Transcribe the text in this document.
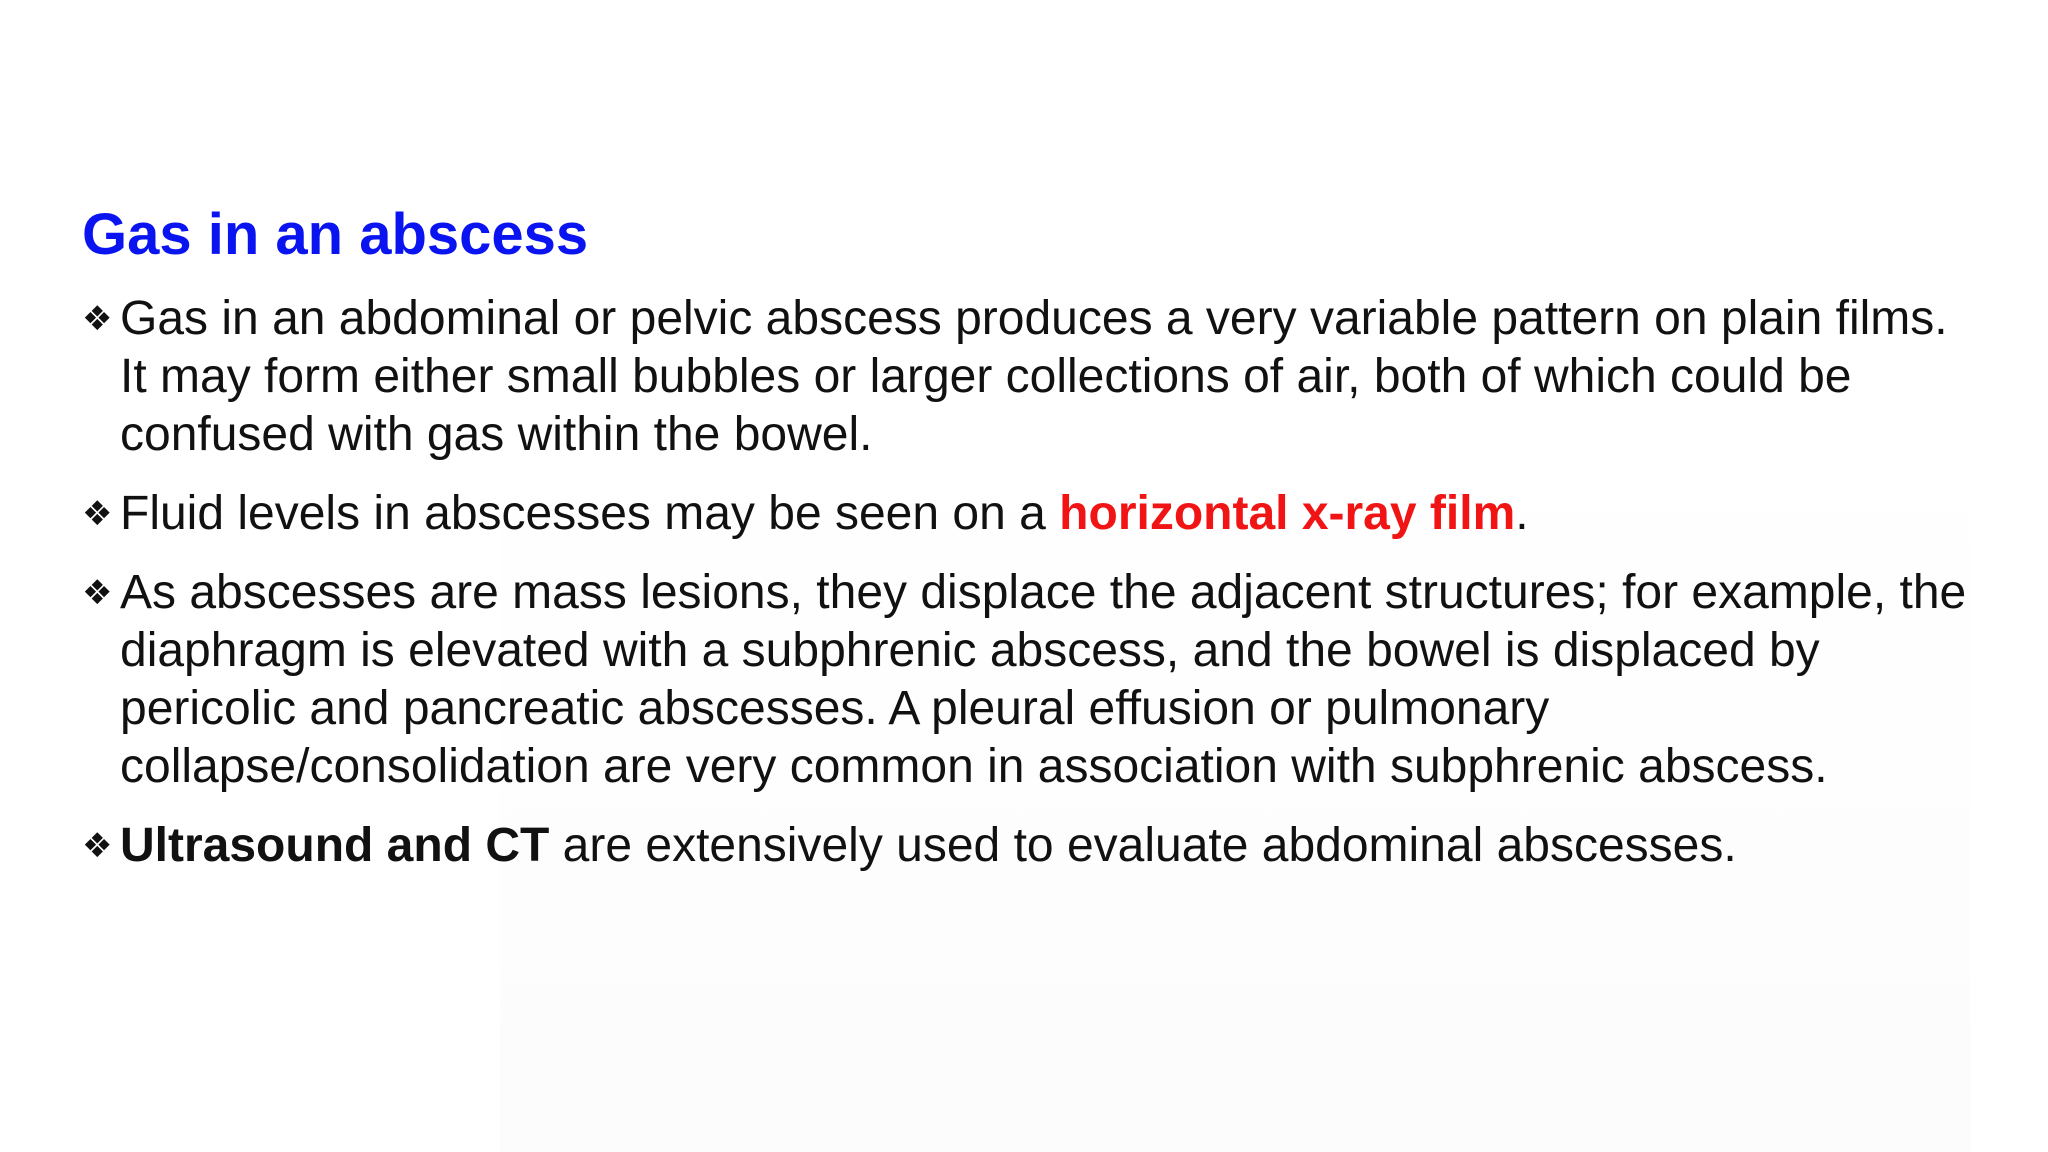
Gas in an abscess
❖ Gas in an abdominal or pelvic abscess produces a very variable pattern on plain films. It may form either small bubbles or larger collections of air, both of which could be confused with gas within the bowel.
❖ Fluid levels in abscesses may be seen on a horizontal x-ray film.
❖ As abscesses are mass lesions, they displace the adjacent structures; for example, the diaphragm is elevated with a subphrenic abscess, and the bowel is displaced by pericolic and pancreatic abscesses. A pleural effusion or pulmonary collapse/consolidation are very common in association with subphrenic abscess.
❖ Ultrasound and CT are extensively used to evaluate abdominal abscesses.
